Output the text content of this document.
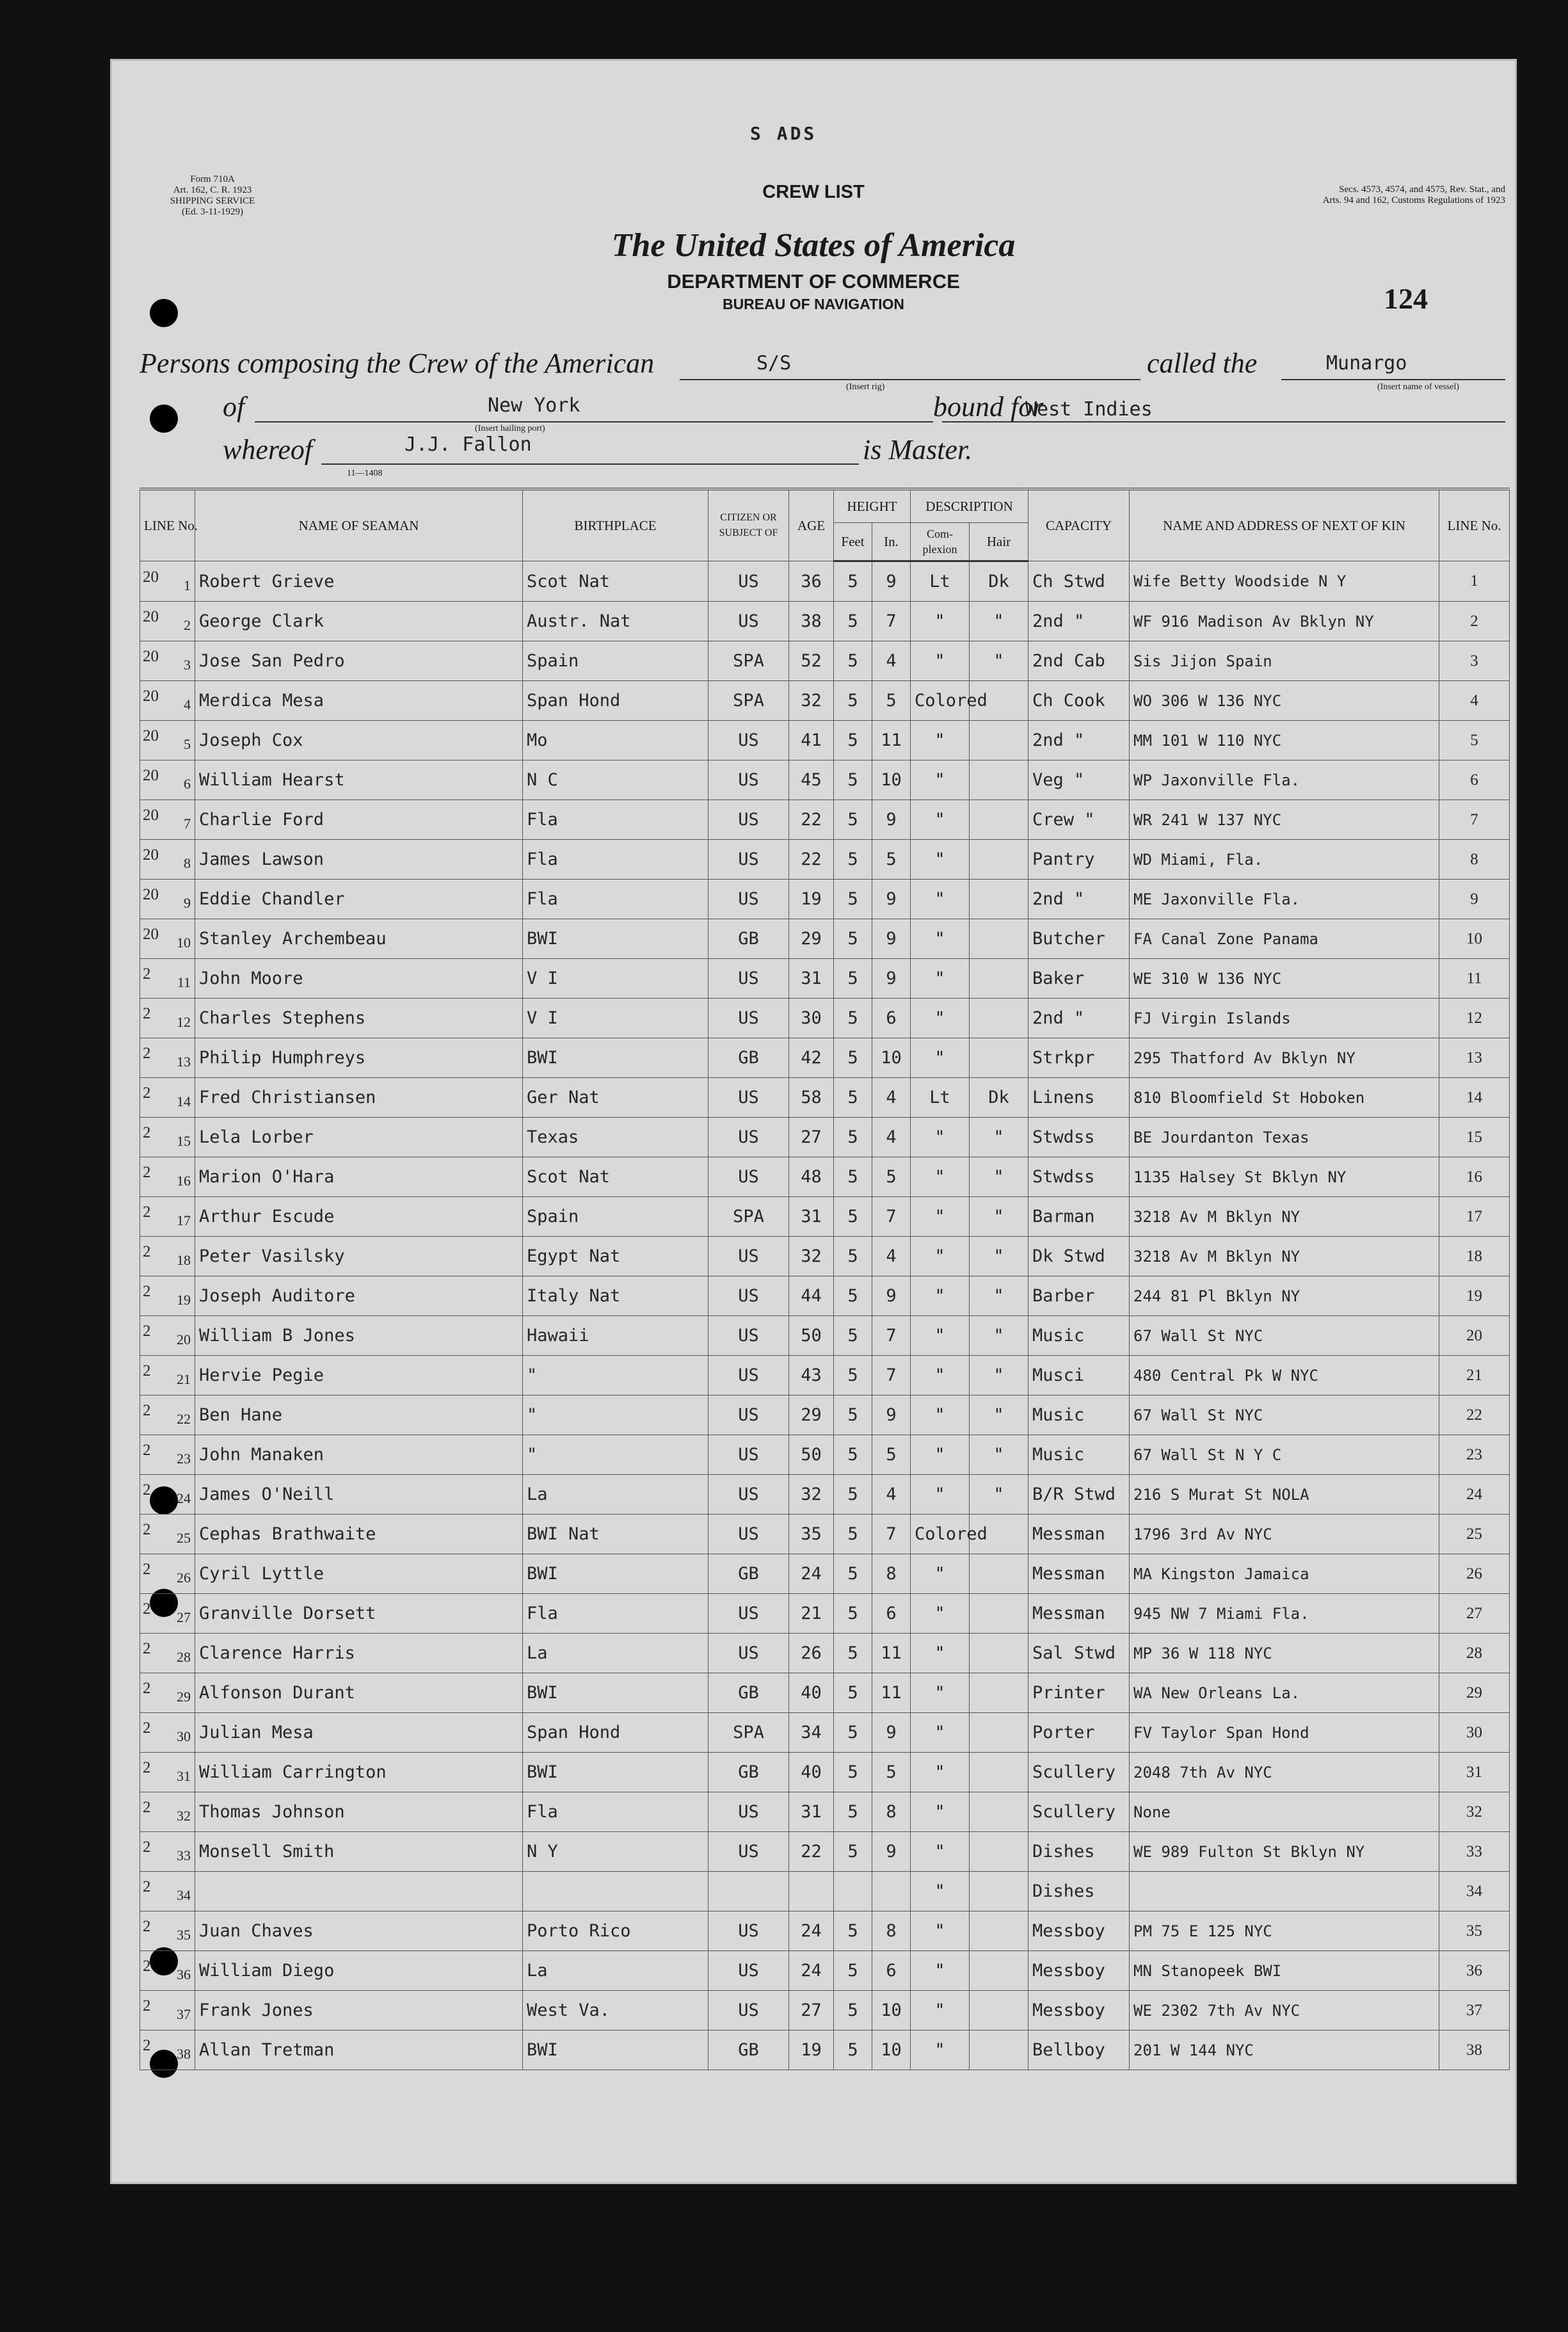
S ADS
Form 710A
Art. 162, C. R. 1923
SHIPPING SERVICE
(Ed. 3-11-1929)
Secs. 4573, 4574, and 4575, Rev. Stat., and
Arts. 94 and 162, Customs Regulations of 1923
CREW LIST
The United States of America
DEPARTMENT OF COMMERCE
BUREAU OF NAVIGATION	124
Persons composing the Crew of the American	S/S
(Insert rig)
called the	Munargo
(Insert name of vessel)
of	New York
(Insert hailing port)
bound for
West Indies
whereof	J.J. Fallon	is Master.
11—1408
LINE No.	NAME OF SEAMAN	BIRTHPLACE	CITIZEN OR SUBJECT OF	AGE	HEIGHT		DESCRIPTION		CAPACITY	NAME AND ADDRESS OF NEXT OF KIN	LINE No.
					Feet	In.	Com- plexion	Hair			

20 1	Robert Grieve	Scot Nat	US	36	5	9	Lt	Dk	Ch Stwd	Wife Betty Woodside N Y	1

20 2	George Clark	Austr. Nat	US	38	5	7	"	"	2nd "	WF 916 Madison Av Bklyn NY	2

20 3	Jose San Pedro	Spain	SPA	52	5	4	"	"	2nd Cab	Sis Jijon Spain	3

20 4	Merdica Mesa	Span Hond	SPA	32	5	5	Colored		Ch Cook	WO 306 W 136 NYC	4

20 5	Joseph Cox	Mo	US	41	5	11	"		2nd "	MM 101 W 110 NYC	5

20 6	William Hearst	N C	US	45	5	10	"		Veg "	WP Jaxonville Fla.	6

20 7	Charlie Ford	Fla	US	22	5	9	"		Crew "	WR 241 W 137 NYC	7

20 8	James Lawson	Fla	US	22	5	5	"		Pantry	WD Miami, Fla.	8

20 9	Eddie Chandler	Fla	US	19	5	9	"		2nd "	ME Jaxonville Fla.	9

20 10	Stanley Archembeau	BWI	GB	29	5	9	"		Butcher	FA Canal Zone Panama	10

2 11	John Moore	V I	US	31	5	9	"		Baker	WE 310 W 136 NYC	11

2 12	Charles Stephens	V I	US	30	5	6	"		2nd "	FJ Virgin Islands	12

2 13	Philip Humphreys	BWI	GB	42	5	10	"		Strkpr	295 Thatford Av Bklyn NY	13

2 14	Fred Christiansen	Ger Nat	US	58	5	4	Lt	Dk	Linens	810 Bloomfield St Hoboken	14

2 15	Lela Lorber	Texas	US	27	5	4	"	"	Stwdss	BE Jourdanton Texas	15

2 16	Marion O'Hara	Scot Nat	US	48	5	5	"	"	Stwdss	1135 Halsey St Bklyn NY	16

2 17	Arthur Escude	Spain	SPA	31	5	7	"	"	Barman	3218 Av M Bklyn NY	17

2 18	Peter Vasilsky	Egypt Nat	US	32	5	4	"	"	Dk Stwd	3218 Av M Bklyn NY	18

2 19	Joseph Auditore	Italy Nat	US	44	5	9	"	"	Barber	244 81 Pl Bklyn NY	19

2 20	William B Jones	Hawaii	US	50	5	7	"	"	Music	67 Wall St NYC	20

2 21	Hervie Pegie	"	US	43	5	7	"	"	Musci	480 Central Pk W NYC	21

2 22	Ben Hane	"	US	29	5	9	"	"	Music	67 Wall St NYC	22

2 23	John Manaken	"	US	50	5	5	"	"	Music	67 Wall St N Y C	23

2 24	James O'Neill	La	US	32	5	4	"	"	B/R Stwd	216 S Murat St NOLA	24

2 25	Cephas Brathwaite	BWI Nat	US	35	5	7	Colored		Messman	1796 3rd Av NYC	25

2 26	Cyril Lyttle	BWI	GB	24	5	8	"		Messman	MA Kingston Jamaica	26

2 27	Granville Dorsett	Fla	US	21	5	6	"		Messman	945 NW 7 Miami Fla.	27

2 28	Clarence Harris	La	US	26	5	11	"		Sal Stwd	MP 36 W 118 NYC	28

2 29	Alfonson Durant	BWI	GB	40	5	11	"		Printer	WA New Orleans La.	29

2 30	Julian Mesa	Span Hond	SPA	34	5	9	"		Porter	FV Taylor Span Hond	30

2 31	William Carrington	BWI	GB	40	5	5	"		Scullery	2048 7th Av NYC	31

2 32	Thomas Johnson	Fla	US	31	5	8	"		Scullery	None	32

2 33	Monsell Smith	N Y	US	22	5	9	"		Dishes	WE 989 Fulton St Bklyn NY	33

2 34							"		Dishes		34

2 35	Juan Chaves	Porto Rico	US	24	5	8	"		Messboy	PM 75 E 125 NYC	35

2 36	William Diego	La	US	24	5	6	"		Messboy	MN Stanopeek BWI	36

2 37	Frank Jones	West Va.	US	27	5	10	"		Messboy	WE 2302 7th Av NYC	37

2 38	Allan Tretman	BWI	GB	19	5	10	"		Bellboy	201 W 144 NYC	38
